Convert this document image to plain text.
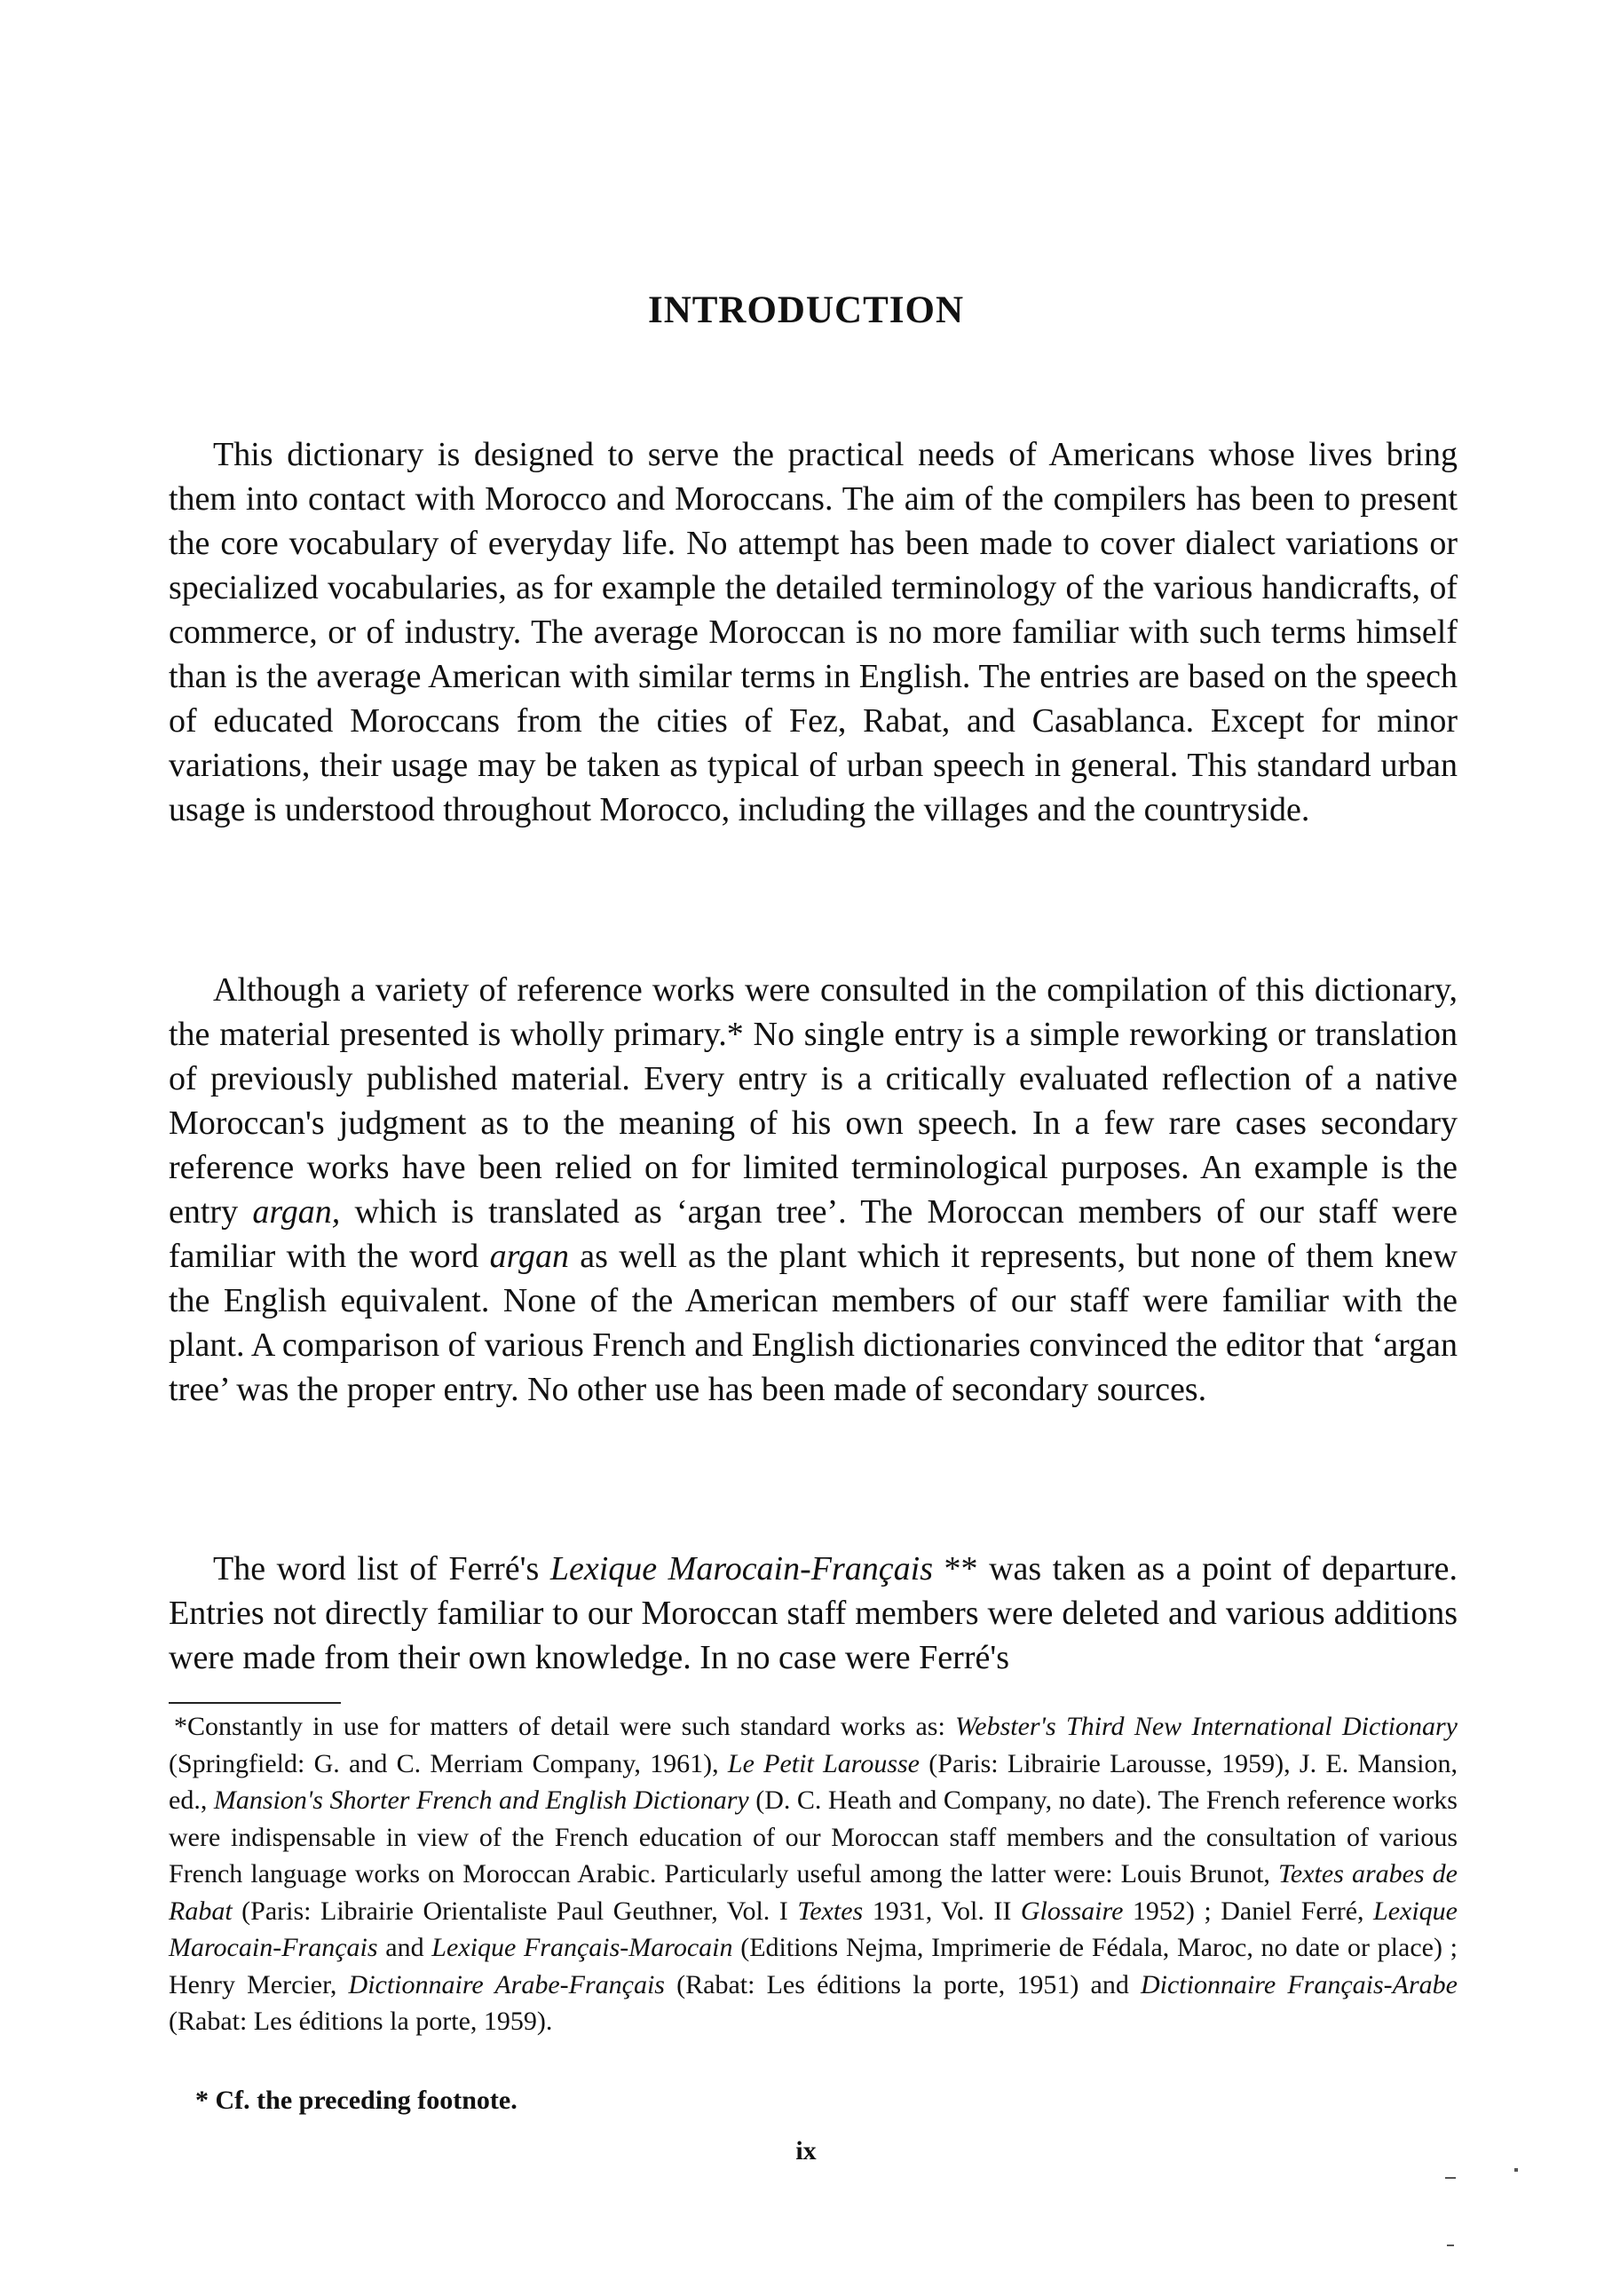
INTRODUCTION

This dictionary is designed to serve the practical needs of Americans whose lives bring them into contact with Morocco and Moroccans. The aim of the compilers has been to present the core vocabulary of everyday life. No attempt has been made to cover dialect variations or specialized vocabularies, as for example the detailed terminology of the various handicrafts, of commerce, or of industry. The average Moroccan is no more familiar with such terms himself than is the average American with similar terms in English. The entries are based on the speech of educated Moroccans from the cities of Fez, Rabat, and Casablanca. Except for minor variations, their usage may be taken as typical of urban speech in general. This standard urban usage is understood throughout Morocco, including the villages and the countryside.

Although a variety of reference works were consulted in the compilation of this dictionary, the material presented is wholly primary.* No single entry is a simple reworking or translation of previously published material. Every entry is a critically evaluated reflection of a native Moroccan's judgment as to the meaning of his own speech. In a few rare cases secondary reference works have been relied on for limited terminological purposes. An example is the entry argan, which is translated as ‘argan tree’. The Moroccan members of our staff were familiar with the word argan as well as the plant which it represents, but none of them knew the English equivalent. None of the American members of our staff were familiar with the plant. A comparison of various French and English dictionaries convinced the editor that ‘argan tree’ was the proper entry. No other use has been made of secondary sources.

The word list of Ferré's Lexique Marocain-Français ** was taken as a point of departure. Entries not directly familiar to our Moroccan staff members were deleted and various additions were made from their own knowledge. In no case were Ferré's

*Constantly in use for matters of detail were such standard works as: Webster's Third New International Dictionary (Springfield: G. and C. Merriam Company, 1961), Le Petit Larousse (Paris: Librairie Larousse, 1959), J. E. Mansion, ed., Mansion's Shorter French and English Dictionary (D. C. Heath and Company, no date). The French reference works were indispensable in view of the French education of our Moroccan staff members and the consultation of various French language works on Moroccan Arabic. Particularly useful among the latter were: Louis Brunot, Textes arabes de Rabat (Paris: Librairie Orientaliste Paul Geuthner, Vol. I Textes 1931, Vol. II Glossaire 1952) ; Daniel Ferré, Lexique Marocain-Français and Lexique Français-Marocain (Editions Nejma, Imprimerie de Fédala, Maroc, no date or place) ; Henry Mercier, Dictionnaire Arabe-Français (Rabat: Les éditions la porte, 1951) and Dictionnaire Français-Arabe (Rabat: Les éditions la porte, 1959).

* Cf. the preceding footnote.

ix
